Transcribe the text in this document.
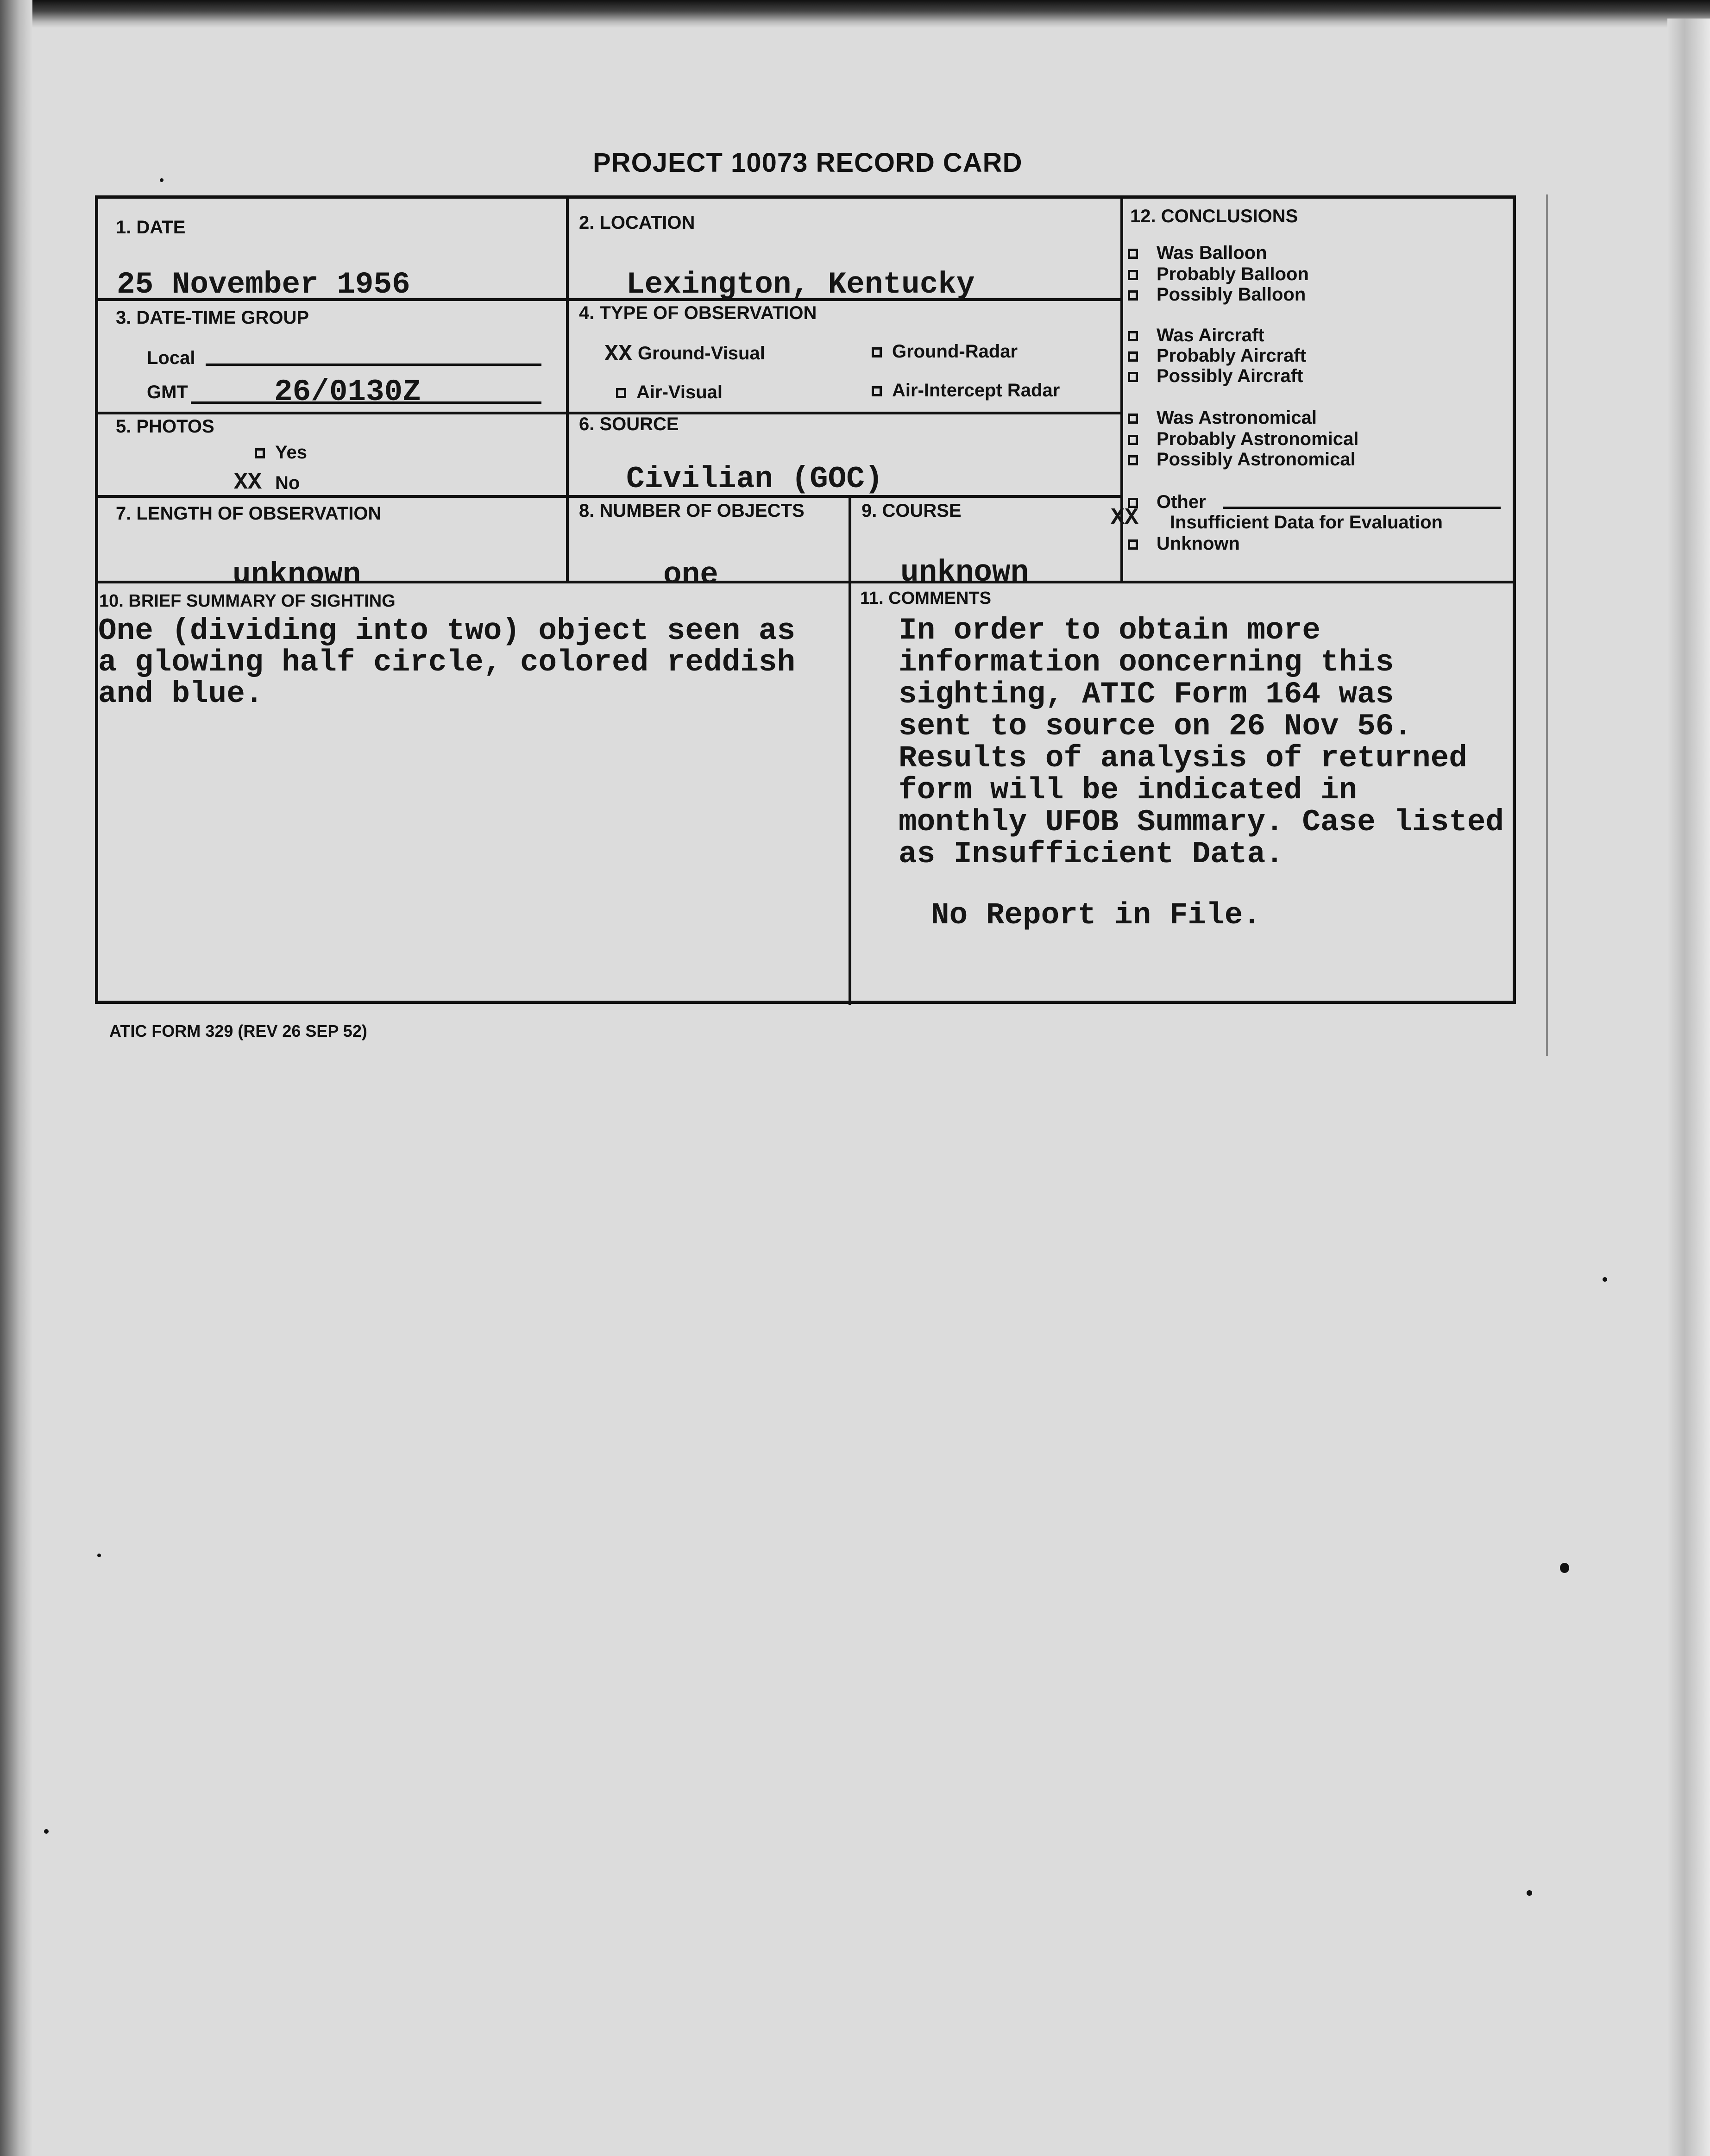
PROJECT 10073 RECORD CARD
1. DATE
25 November 1956
2. LOCATION
Lexington, Kentucky
3. DATE-TIME GROUP
Local
GMT	26/0130Z
4. TYPE OF OBSERVATION
XX Ground-Visual	Ground-Radar
Air-Visual	Air-Intercept Radar
5. PHOTOS
Yes
XX No
6. SOURCE
Civilian (GOC)
7. LENGTH OF OBSERVATION
unknown
8. NUMBER OF OBJECTS
one
9. COURSE
unknown
10. BRIEF SUMMARY OF SIGHTING
One (dividing into two) object seen as
a glowing half circle, colored reddish
and blue.
11. COMMENTS
In order to obtain more
information ooncerning this
sighting, ATIC Form 164 was
sent to source on 26 Nov 56.
Results of analysis of returned
form will be indicated in
monthly UFOB Summary. Case listed
as Insufficient Data.
No Report in File.
12. CONCLUSIONS
Was Balloon
Probably Balloon
Possibly Balloon
Was Aircraft
Probably Aircraft
Possibly Aircraft
Was Astronomical
Probably Astronomical
Possibly Astronomical
Other
XX Insufficient Data for Evaluation
Unknown
ATIC FORM 329 (REV 26 SEP 52)
